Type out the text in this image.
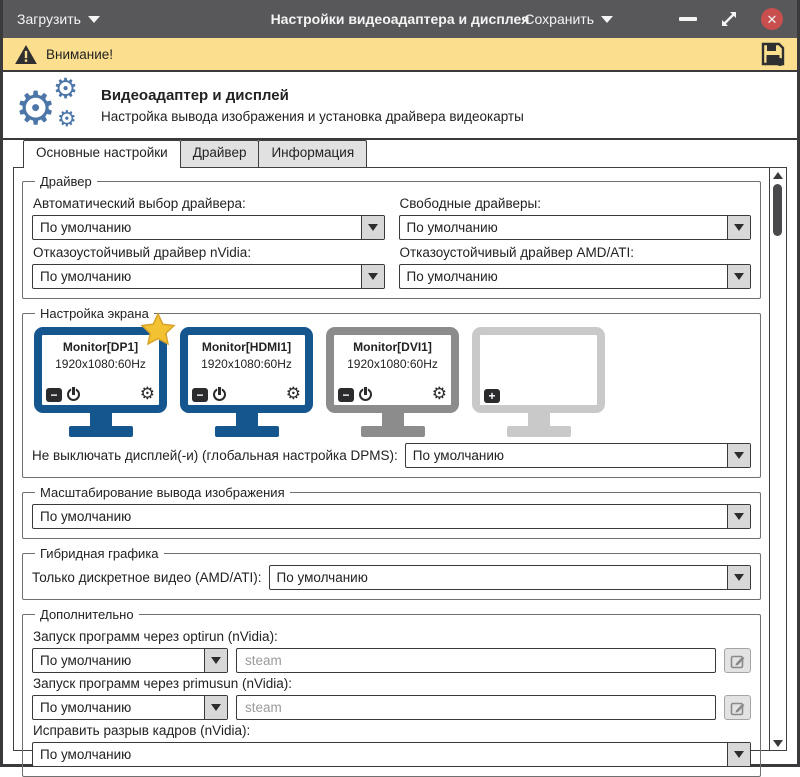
Загрузить	Настройки видеоадаптера и дисплея
Сохранить	✕
Внимание!
⚙
⚙
⚙
Видеоадаптер и дисплей
Настройка вывода изображения и установка драйвера видеокарты
Основные настройки	Драйвер	Информация
Драйвер
Автоматический выбор драйвера:
По умолчанию
Свободные драйверы:
По умолчанию
Отказоустойчивый драйвер nVidia:
По умолчанию
Отказоустойчивый драйвер AMD/ATI:
По умолчанию
Настройка экрана
Monitor[DP1]
1920x1080:60Hz
−	⚙
Monitor[HDMI1]
1920x1080:60Hz
−	⚙
Monitor[DVI1]
1920x1080:60Hz
−	⚙	+
Не выключать дисплей(-и) (глобальная настройка DPMS):	По умолчанию
Масштабирование вывода изображения
По умолчанию
Гибридная графика
Только дискретное видео (AMD/ATI):	По умолчанию
Дополнительно
Запуск программ через optirun (nVidia):
По умолчанию
steam
Запуск программ через primusun (nVidia):
По умолчанию
steam
Исправить разрыв кадров (nVidia):
По умолчанию
